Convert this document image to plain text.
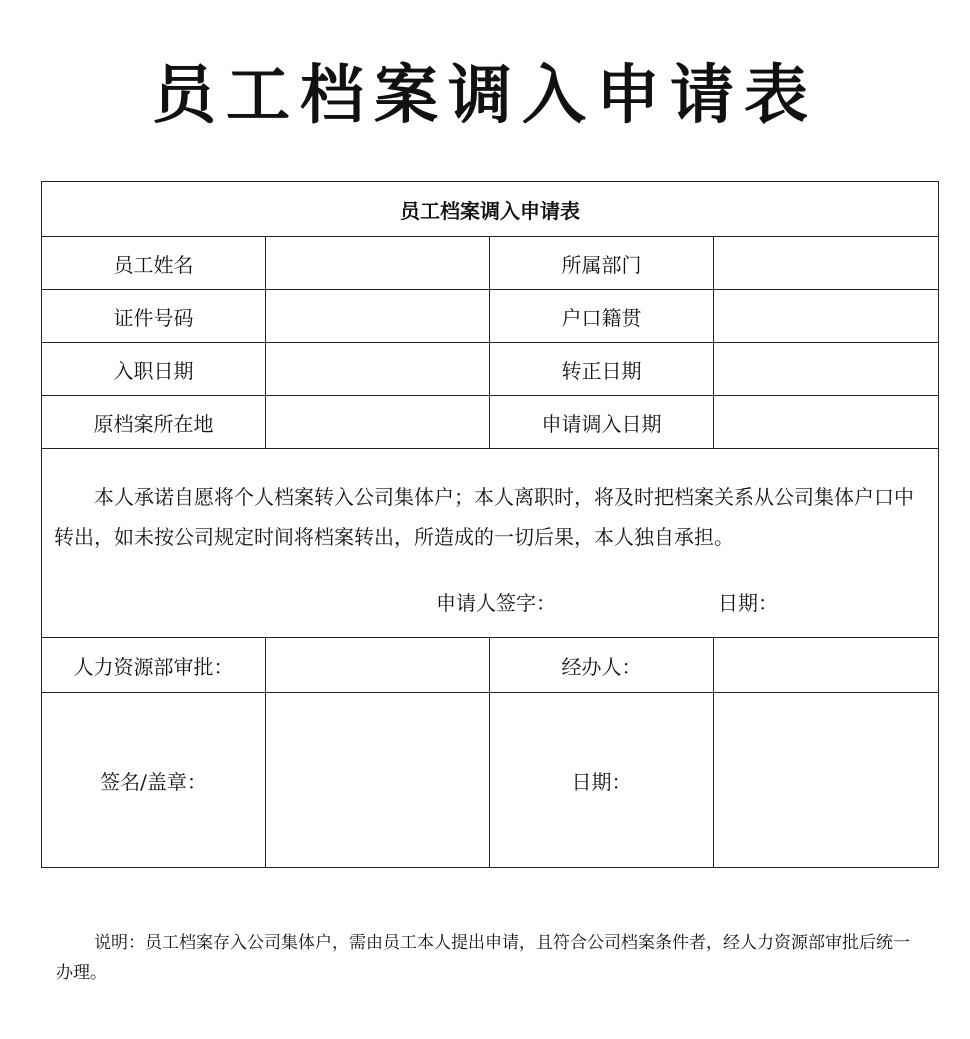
员工档案调入申请表
员工档案调入申请表			
员工姓名		所属部门	
证件号码		户口籍贯	
入职日期		转正日期	
原档案所在地		申请调入日期	

本人承诺自愿将个人档案转入公司集体户；本人离职时，将及时把档案关系从公司集体户口中转出，如未按公司规定时间将档案转出，所造成的一切后果，本人独自承担。

申请人签字： 日期：			

人力资源部审批：		经办人：	
签名/盖章：		日期：	

说明：员工档案存入公司集体户，需由员工本人提出申请，且符合公司档案条件者，经人力资源部审批后统一办理。
